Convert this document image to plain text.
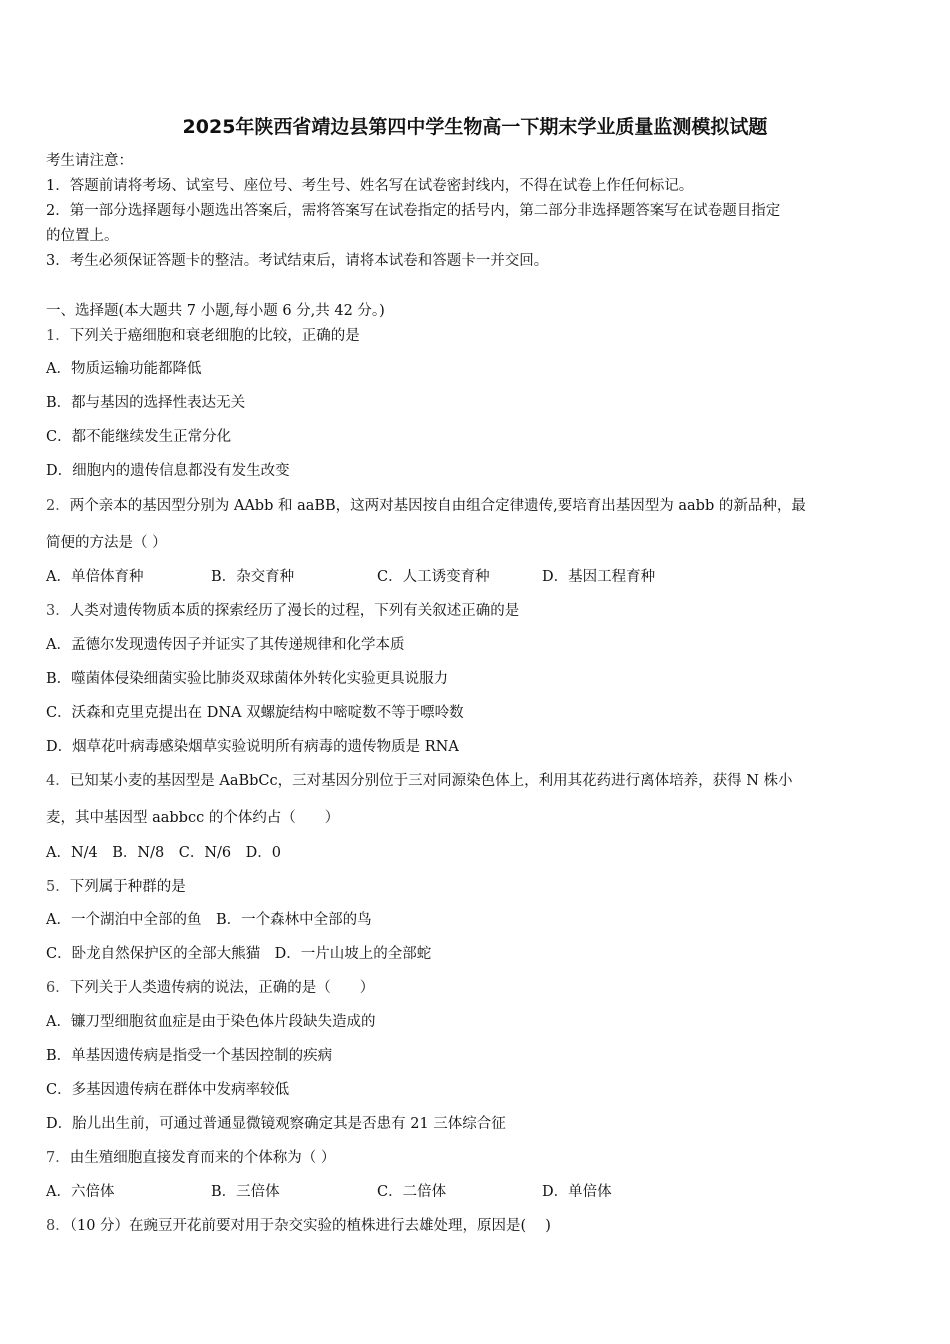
2025年陕西省靖边县第四中学生物高一下期末学业质量监测模拟试题
考生请注意：
1．答题前请将考场、试室号、座位号、考生号、姓名写在试卷密封线内，不得在试卷上作任何标记。
2．第一部分选择题每小题选出答案后，需将答案写在试卷指定的括号内，第二部分非选择题答案写在试卷题目指定
的位置上。
3．考生必须保证答题卡的整洁。考试结束后，请将本试卷和答题卡一并交回。
一、选择题(本大题共 7 小题,每小题 6 分,共 42 分。)
1．下列关于癌细胞和衰老细胞的比较，正确的是
A．物质运输功能都降低
B．都与基因的选择性表达无关
C．都不能继续发生正常分化
D．细胞内的遗传信息都没有发生改变
2．两个亲本的基因型分别为 AAbb 和 aaBB，这两对基因按自由组合定律遗传,要培育出基因型为 aabb 的新品种，最
简便的方法是（ ）
A．单倍体育种	B．杂交育种	C．人工诱变育种	D．基因工程育种
3．人类对遗传物质本质的探索经历了漫长的过程，下列有关叙述正确的是
A．孟德尔发现遗传因子并证实了其传递规律和化学本质
B．噬菌体侵染细菌实验比肺炎双球菌体外转化实验更具说服力
C．沃森和克里克提出在 DNA 双螺旋结构中嘧啶数不等于嘌呤数
D．烟草花叶病毒感染烟草实验说明所有病毒的遗传物质是 RNA
4．已知某小麦的基因型是 AaBbCc，三对基因分别位于三对同源染色体上，利用其花药进行离体培养，获得 N 株小
麦，其中基因型 aabbcc 的个体约占（　　）
A．N/4　B．N/8　C．N/6　D．0
5．下列属于种群的是
A．一个湖泊中全部的鱼　B．一个森林中全部的鸟
C．卧龙自然保护区的全部大熊猫　D．一片山坡上的全部蛇
6．下列关于人类遗传病的说法，正确的是（　　）
A．镰刀型细胞贫血症是由于染色体片段缺失造成的
B．单基因遗传病是指受一个基因控制的疾病
C．多基因遗传病在群体中发病率较低
D．胎儿出生前，可通过普通显微镜观察确定其是否患有 21 三体综合征
7．由生殖细胞直接发育而来的个体称为（ ）
A．六倍体	B．三倍体	C．二倍体	D．单倍体
8．（10 分）在豌豆开花前要对用于杂交实验的植株进行去雄处理，原因是(　 )
